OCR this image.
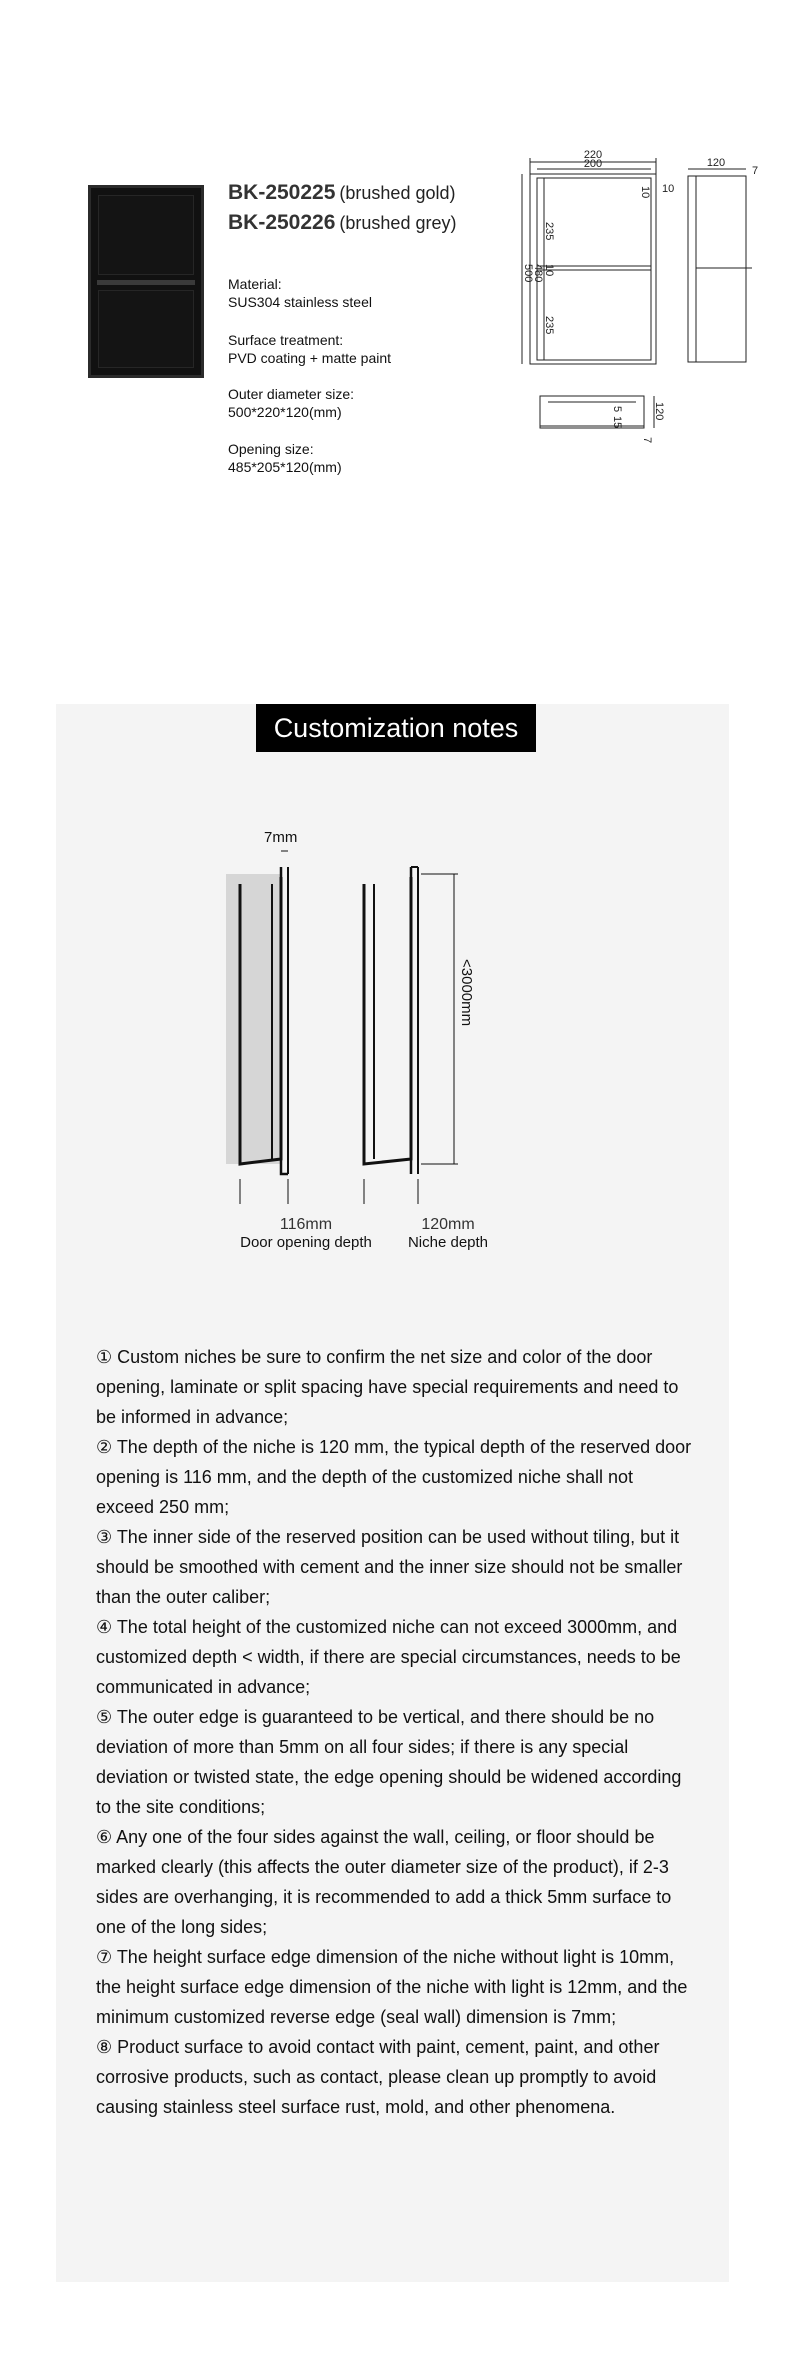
BK-250225 (brushed gold)
BK-250226 (brushed grey)
Material:
SUS304 stainless steel
Surface treatment:
PVD coating + matte paint
Outer diameter size:
500*220*120(mm)
Opening size:
485*205*120(mm)
220
200
10
10
235
10
480
500
235
120
7
120
7
5
15
Customization notes
7mm
<3000mm
116mm
Door opening depth
120mm
Niche depth

① Custom niches be sure to confirm the net size and color of the door opening, laminate or split spacing have special requirements and need to be informed in advance;

② The depth of the niche is 120 mm, the typical depth of the reserved door opening is 116 mm, and the depth of the customized niche shall not exceed 250 mm;

③ The inner side of the reserved position can be used without tiling, but it should be smoothed with cement and the inner size should not be smaller than the outer caliber;

④ The total height of the customized niche can not exceed 3000mm, and customized depth < width, if there are special circumstances, needs to be communicated in advance;

⑤ The outer edge is guaranteed to be vertical, and there should be no deviation of more than 5mm on all four sides; if there is any special deviation or twisted state, the edge opening should be widened according to the site conditions;

⑥ Any one of the four sides against the wall, ceiling, or floor should be marked clearly (this affects the outer diameter size of the product), if 2-3 sides are overhanging, it is recommended to add a thick 5mm surface to one of the long sides;

⑦ The height surface edge dimension of the niche without light is 10mm, the height surface edge dimension of the niche with light is 12mm, and the minimum customized reverse edge (seal wall) dimension is 7mm;

⑧ Product surface to avoid contact with paint, cement, paint, and other corrosive products, such as contact, please clean up promptly to avoid causing stainless steel surface rust, mold, and other phenomena.
